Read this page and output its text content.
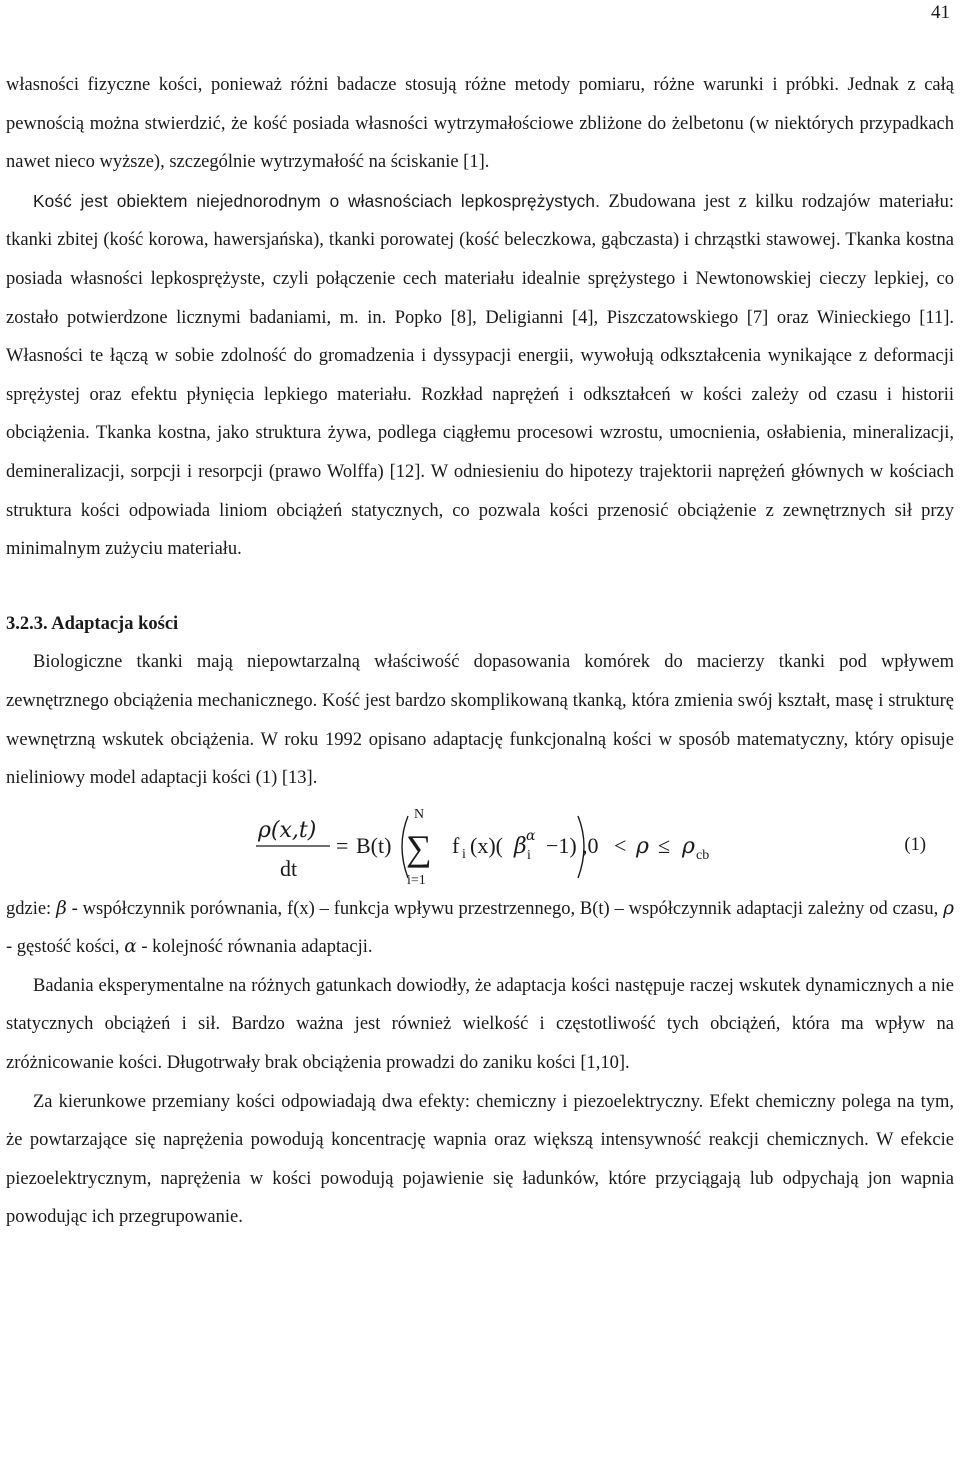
41

własności fizyczne kości, ponieważ różni badacze stosują różne metody pomiaru, różne warunki i próbki. Jednak z całą pewnością można stwierdzić, że kość posiada własności wytrzymałościowe zbliżone do żelbetonu (w niektórych przypadkach nawet nieco wyższe), szczególnie wytrzymałość na ściskanie [1].

Kość jest obiektem niejednorodnym o własnościach lepkosprężystych. Zbudowana jest z kilku rodzajów materiału: tkanki zbitej (kość korowa, hawersjańska), tkanki porowatej (kość beleczkowa, gąbczasta) i chrząstki stawowej. Tkanka kostna posiada własności lepkosprężyste, czyli połączenie cech materiału idealnie sprężystego i Newtonowskiej cieczy lepkiej, co zostało potwierdzone licznymi badaniami, m. in. Popko [8], Deligianni [4], Piszczatowskiego [7] oraz Winieckiego [11]. Własności te łączą w sobie zdolność do gromadzenia i dyssypacji energii, wywołują odkształcenia wynikające z deformacji sprężystej oraz efektu płynięcia lepkiego materiału. Rozkład naprężeń i odkształceń w kości zależy od czasu i historii obciążenia. Tkanka kostna, jako struktura żywa, podlega ciągłemu procesowi wzrostu, umocnienia, osłabienia, mineralizacji, demineralizacji, sorpcji i resorpcji (prawo Wolffa) [12]. W odniesieniu do hipotezy trajektorii naprężeń głównych w kościach struktura kości odpowiada liniom obciążeń statycznych, co pozwala kości przenosić obciążenie z zewnętrznych sił przy minimalnym zużyciu materiału.

3.2.3. Adaptacja kości

Biologiczne tkanki mają niepowtarzalną właściwość dopasowania komórek do macierzy tkanki pod wpływem zewnętrznego obciążenia mechanicznego. Kość jest bardzo skomplikowaną tkanką, która zmienia swój kształt, masę i strukturę wewnętrzną wskutek obciążenia. W roku 1992 opisano adaptację funkcjonalną kości w sposób matematyczny, który opisuje nieliniowy model adaptacji kości (1) [13].

ρ(x,t)
dt
= B(t)
N
∑
i=1
f i (x)( β i
α −1) ,0 < ρ ≤ ρ cb
(1)

gdzie: β - współczynnik porównania, f(x) – funkcja wpływu przestrzennego, B(t) – współczynnik adaptacji zależny od czasu, ρ - gęstość kości, α - kolejność równania adaptacji.

Badania eksperymentalne na różnych gatunkach dowiodły, że adaptacja kości następuje raczej wskutek dynamicznych a nie statycznych obciążeń i sił. Bardzo ważna jest również wielkość i częstotliwość tych obciążeń, która ma wpływ na zróżnicowanie kości. Długotrwały brak obciążenia prowadzi do zaniku kości [1,10].

Za kierunkowe przemiany kości odpowiadają dwa efekty: chemiczny i piezoelektryczny. Efekt chemiczny polega na tym, że powtarzające się naprężenia powodują koncentrację wapnia oraz większą intensywność reakcji chemicznych. W efekcie piezoelektrycznym, naprężenia w kości powodują pojawienie się ładunków, które przyciągają lub odpychają jon wapnia powodując ich przegrupowanie.
